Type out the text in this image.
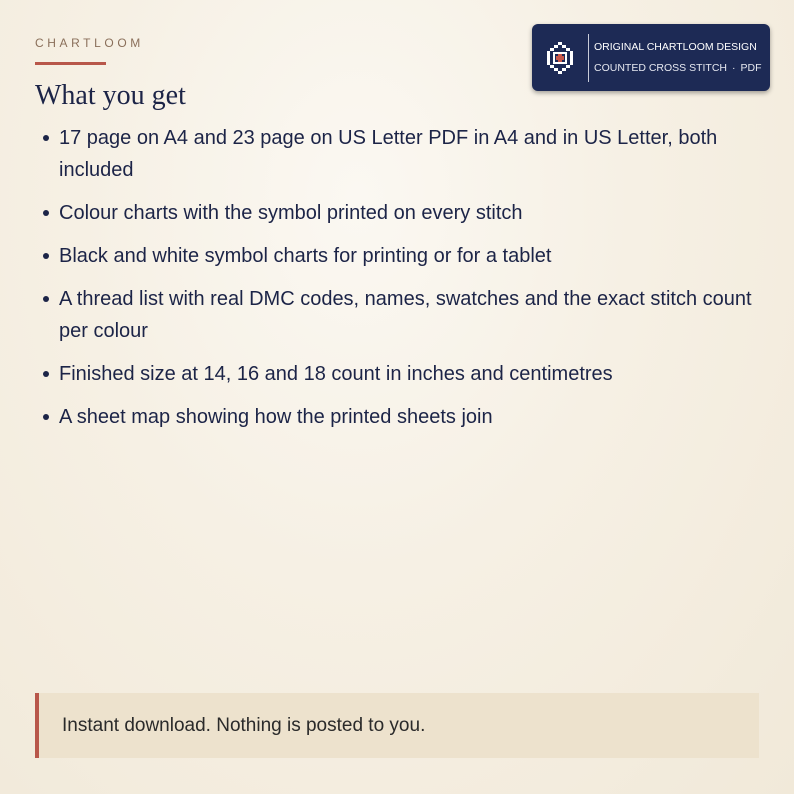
CHARTLOOM
What you get
ORIGINAL CHARTLOOM DESIGN
COUNTED CROSS STITCH · PDF
17 page on A4 and 23 page on US Letter PDF in A4 and in US Letter, both included
Colour charts with the symbol printed on every stitch
Black and white symbol charts for printing or for a tablet
A thread list with real DMC codes, names, swatches and the exact stitch count per colour
Finished size at 14, 16 and 18 count in inches and centimetres
A sheet map showing how the printed sheets join
Instant download. Nothing is posted to you.
